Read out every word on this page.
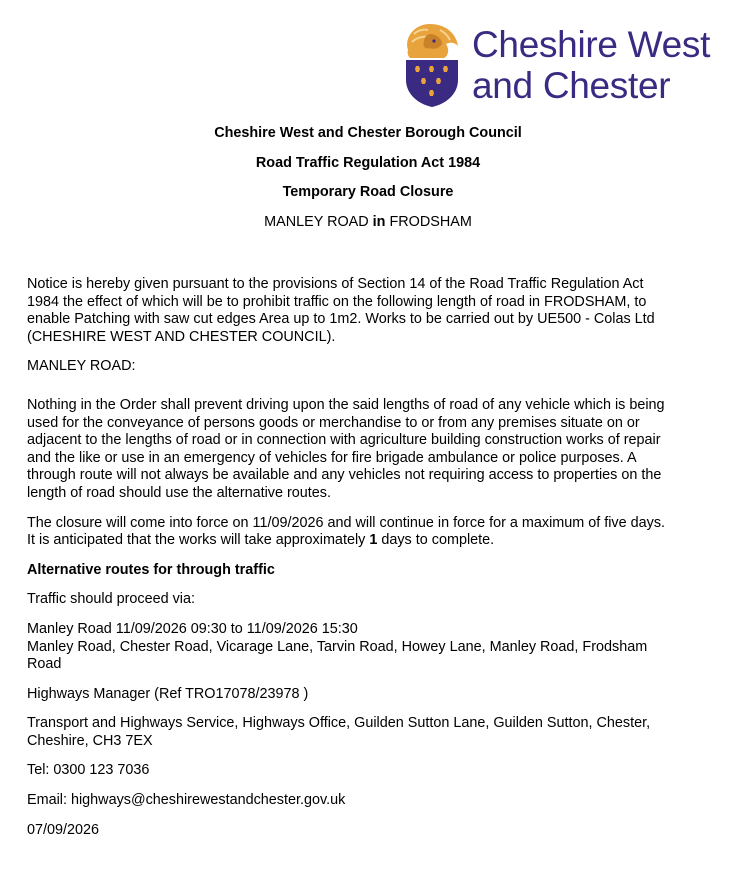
Cheshire West
and Chester
Cheshire West and Chester Borough Council
Road Traffic Regulation Act 1984
Temporary Road Closure
MANLEY ROAD in FRODSHAM
Notice is hereby given pursuant to the provisions of Section 14 of the Road Traffic Regulation Act
1984 the effect of which will be to prohibit traffic on the following length of road in FRODSHAM, to
enable Patching with saw cut edges Area up to 1m2. Works to be carried out by UE500 - Colas Ltd
(CHESHIRE WEST AND CHESTER COUNCIL).
MANLEY ROAD:
Nothing in the Order shall prevent driving upon the said lengths of road of any vehicle which is being
used for the conveyance of persons goods or merchandise to or from any premises situate on or
adjacent to the lengths of road or in connection with agriculture building construction works of repair
and the like or use in an emergency of vehicles for fire brigade ambulance or police purposes. A
through route will not always be available and any vehicles not requiring access to properties on the
length of road should use the alternative routes.
The closure will come into force on 11/09/2026 and will continue in force for a maximum of five days.
It is anticipated that the works will take approximately 1 days to complete.
Alternative routes for through traffic
Traffic should proceed via:
Manley Road 11/09/2026 09:30 to 11/09/2026 15:30
Manley Road, Chester Road, Vicarage Lane, Tarvin Road, Howey Lane, Manley Road, Frodsham
Road
Highways Manager (Ref TRO17078/23978 )
Transport and Highways Service, Highways Office, Guilden Sutton Lane, Guilden Sutton, Chester,
Cheshire, CH3 7EX
Tel: 0300 123 7036
Email: highways@cheshirewestandchester.gov.uk
07/09/2026
